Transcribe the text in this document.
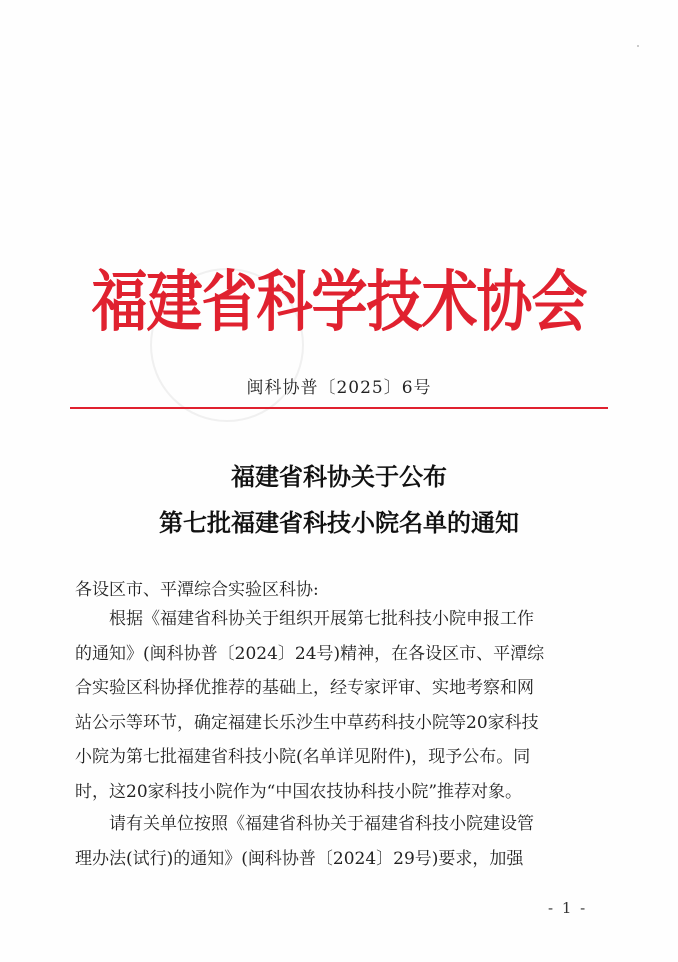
福建省科学技术协会
闽科协普〔2025〕6号
福建省科协关于公布
第七批福建省科技小院名单的通知
各设区市、平潭综合实验区科协:
根据《福建省科协关于组织开展第七批科技小院申报工作
的通知》(闽科协普〔2024〕24号)精神，在各设区市、平潭综
合实验区科协择优推荐的基础上，经专家评审、实地考察和网
站公示等环节，确定福建长乐沙生中草药科技小院等20家科技
小院为第七批福建省科技小院(名单详见附件)，现予公布。同
时，这20家科技小院作为“中国农技协科技小院”推荐对象。
请有关单位按照《福建省科协关于福建省科技小院建设管
理办法(试行)的通知》(闽科协普〔2024〕29号)要求，加强
- 1 -
